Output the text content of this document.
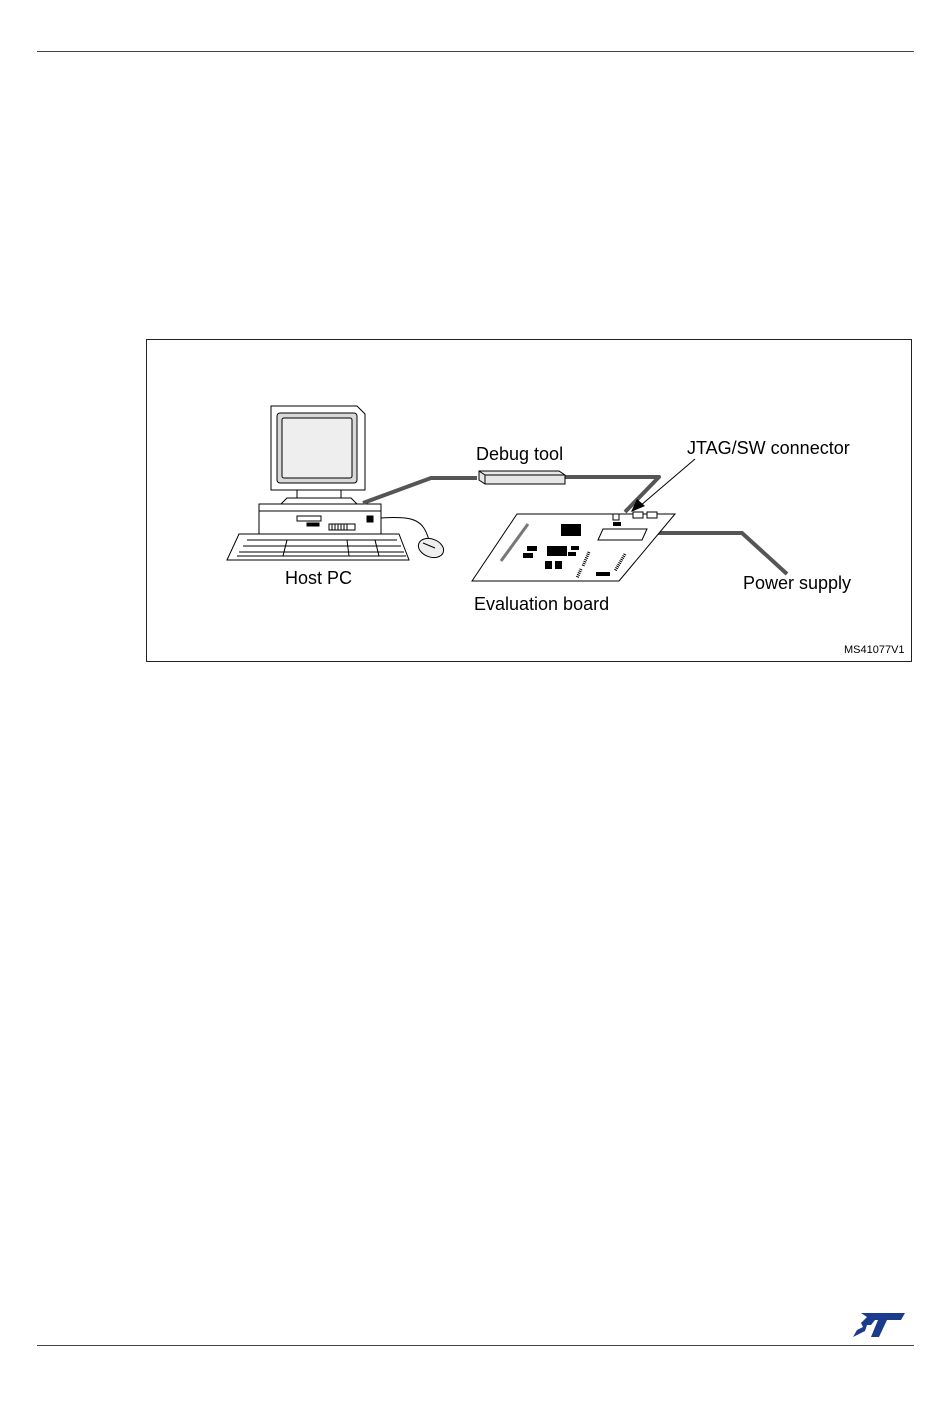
Debug tool	JTAG/SW connector
Host PC	Power supply
Evaluation board
MS41077V1
